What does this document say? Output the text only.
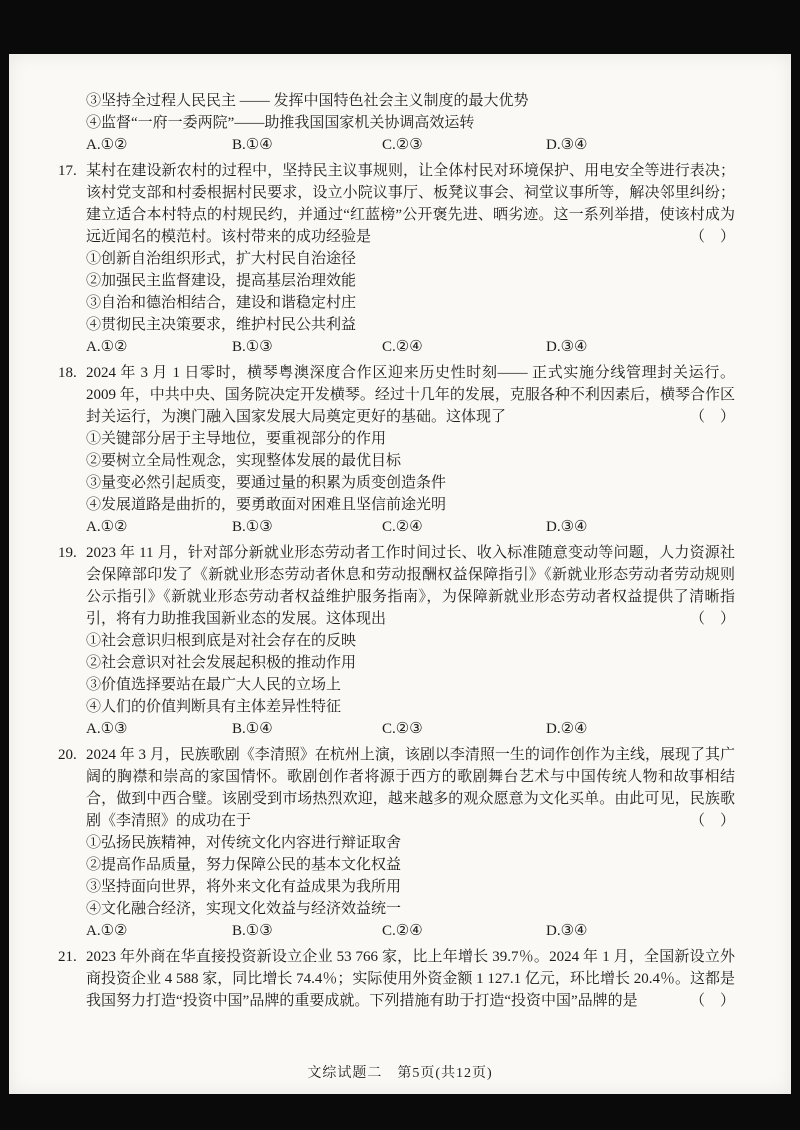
③坚持全过程人民民主 —— 发挥中国特色社会主义制度的最大优势

④监督“一府一委两院”——助推我国国家机关协调高效运转

A.①②	B.①④	C.②③	D.③④

17. 某村在建设新农村的过程中，坚持民主议事规则，让全体村民对环境保护、用电安全等进行表决；该村党支部和村委根据村民要求，设立小院议事厅、板凳议事会、祠堂议事所等，解决邻里纠纷；建立适合本村特点的村规民约，并通过“红蓝榜”公开褒先进、晒劣迹。这一系列举措，使该村成为远近闻名的模范村。该村带来的成功经验是	（　）

①创新自治组织形式，扩大村民自治途径

②加强民主监督建设，提高基层治理效能

③自治和德治相结合，建设和谐稳定村庄

④贯彻民主决策要求，维护村民公共利益

A.①②	B.①③	C.②④	D.③④

18. 2024 年 3 月 1 日零时，横琴粤澳深度合作区迎来历史性时刻—— 正式实施分线管理封关运行。2009 年，中共中央、国务院决定开发横琴。经过十几年的发展，克服各种不利因素后，横琴合作区封关运行，为澳门融入国家发展大局奠定更好的基础。这体现了	（　）

①关键部分居于主导地位，要重视部分的作用

②要树立全局性观念，实现整体发展的最优目标

③量变必然引起质变，要通过量的积累为质变创造条件

④发展道路是曲折的，要勇敢面对困难且坚信前途光明

A.①②	B.①③	C.②④	D.③④

19. 2023 年 11 月，针对部分新就业形态劳动者工作时间过长、收入标准随意变动等问题，人力资源社会保障部印发了《新就业形态劳动者休息和劳动报酬权益保障指引》《新就业形态劳动者劳动规则公示指引》《新就业形态劳动者权益维护服务指南》，为保障新就业形态劳动者权益提供了清晰指引，将有力助推我国新业态的发展。这体现出	（　）

①社会意识归根到底是对社会存在的反映

②社会意识对社会发展起积极的推动作用

③价值选择要站在最广大人民的立场上

④人们的价值判断具有主体差异性特征

A.①③	B.①④	C.②③	D.②④

20. 2024 年 3 月，民族歌剧《李清照》在杭州上演，该剧以李清照一生的词作创作为主线，展现了其广阔的胸襟和崇高的家国情怀。歌剧创作者将源于西方的歌剧舞台艺术与中国传统人物和故事相结合，做到中西合璧。该剧受到市场热烈欢迎，越来越多的观众愿意为文化买单。由此可见，民族歌剧《李清照》的成功在于	（　）

①弘扬民族精神，对传统文化内容进行辩证取舍

②提高作品质量，努力保障公民的基本文化权益

③坚持面向世界，将外来文化有益成果为我所用

④文化融合经济，实现文化效益与经济效益统一

A.①②	B.①③	C.②④	D.③④

21. 2023 年外商在华直接投资新设立企业 53 766 家，比上年增长 39.7％。2024 年 1 月，全国新设立外商投资企业 4 588 家，同比增长 74.4％；实际使用外资金额 1 127.1 亿元，环比增长 20.4％。这都是我国努力打造“投资中国”品牌的重要成就。下列措施有助于打造“投资中国”品牌的是	（　）

文综试题二　第5页(共12页)
